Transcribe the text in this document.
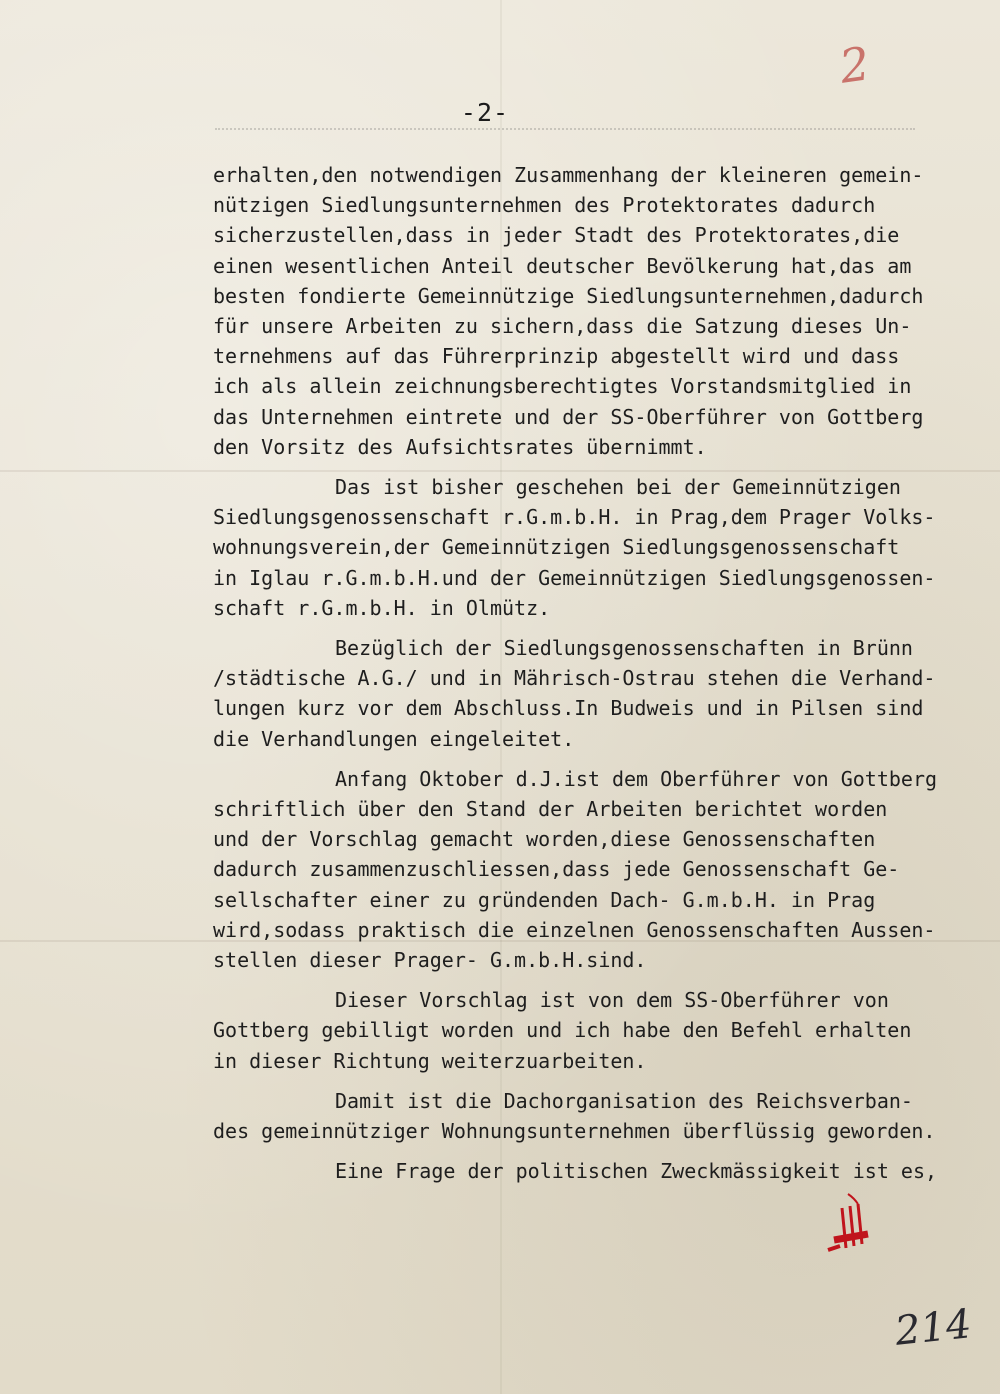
2
-2-
erhalten,den notwendigen Zusammenhang der kleineren gemein-
nützigen Siedlungsunternehmen des Protektorates dadurch
sicherzustellen,dass in jeder Stadt des Protektorates,die
einen wesentlichen Anteil deutscher Bevölkerung hat,das am
besten fondierte Gemeinnützige Siedlungsunternehmen,dadurch
für unsere Arbeiten zu sichern,dass die Satzung dieses Un-
ternehmens auf das Führerprinzip abgestellt wird und dass
ich als allein zeichnungsberechtigtes Vorstandsmitglied in
das Unternehmen eintrete und der SS-Oberführer von Gottberg
den Vorsitz des Aufsichtsrates übernimmt.
Das ist bisher geschehen bei der Gemeinnützigen
Siedlungsgenossenschaft r.G.m.b.H. in Prag,dem Prager Volks-
wohnungsverein,der Gemeinnützigen Siedlungsgenossenschaft
in Iglau r.G.m.b.H.und der Gemeinnützigen Siedlungsgenossen-
schaft r.G.m.b.H. in Olmütz.
Bezüglich der Siedlungsgenossenschaften in Brünn
/städtische A.G./ und in Mährisch-Ostrau stehen die Verhand-
lungen kurz vor dem Abschluss.In Budweis und in Pilsen sind
die Verhandlungen eingeleitet.
Anfang Oktober d.J.ist dem Oberführer von Gottberg
schriftlich über den Stand der Arbeiten berichtet worden
und der Vorschlag gemacht worden,diese Genossenschaften
dadurch zusammenzuschliessen,dass jede Genossenschaft Ge-
sellschafter einer zu gründenden Dach- G.m.b.H. in Prag
wird,sodass praktisch die einzelnen Genossenschaften Aussen-
stellen dieser Prager- G.m.b.H.sind.
Dieser Vorschlag ist von dem SS-Oberführer von
Gottberg gebilligt worden und ich habe den Befehl erhalten
in dieser Richtung weiterzuarbeiten.
Damit ist die Dachorganisation des Reichsverban-
des gemeinnütziger Wohnungsunternehmen überflüssig geworden.
Eine Frage der politischen Zweckmässigkeit ist es,
214
